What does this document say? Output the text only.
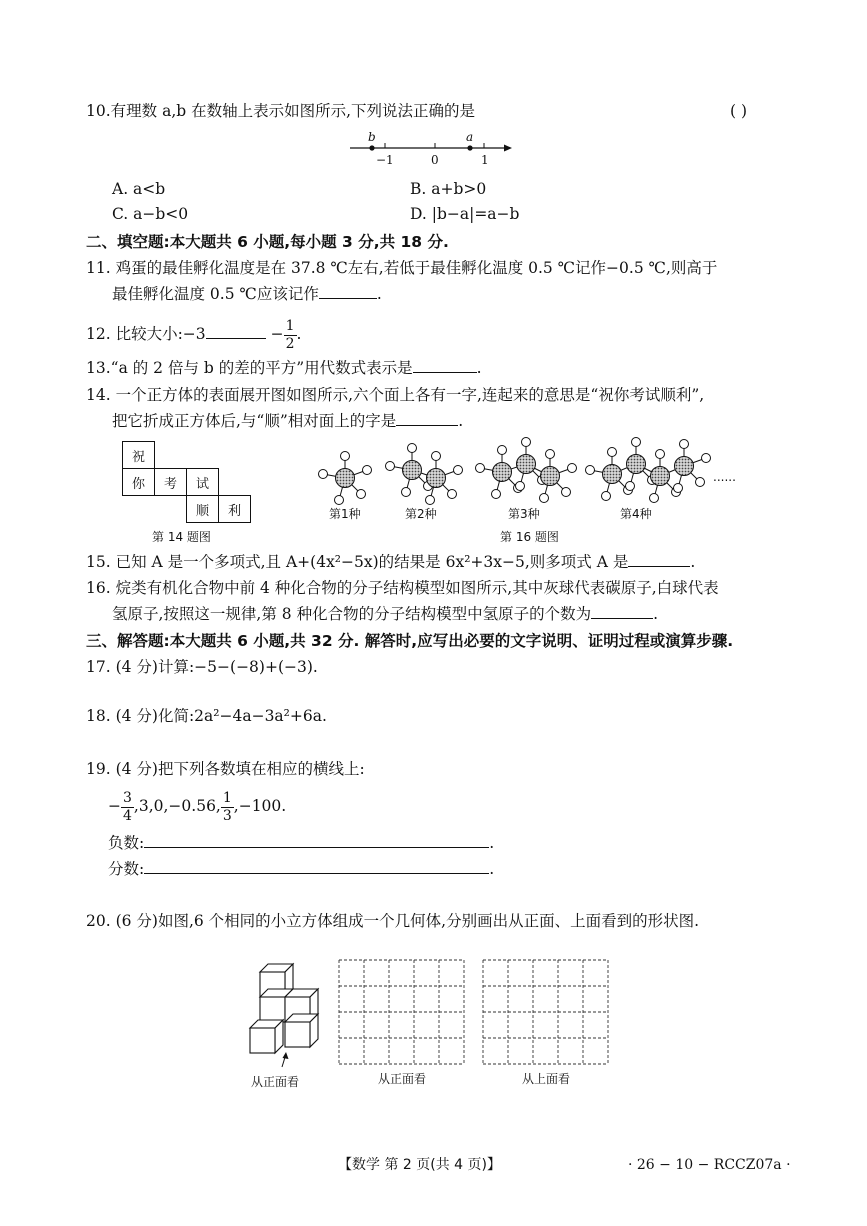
10.有理数 a,b 在数轴上表示如图所示,下列说法正确的是	( )
b	a
−1	0	1
A. a<b	B. a+b>0
C. a−b<0	D. |b−a|=a−b
二、填空题:本大题共 6 小题,每小题 3 分,共 18 分.
11. 鸡蛋的最佳孵化温度是在 37.8 ℃左右,若低于最佳孵化温度 0.5 ℃记作−0.5 ℃,则高于
最佳孵化温度 0.5 ℃应该记作	.
12. 比较大小:−3	− $\frac{1}{2}$ .
13.“a 的 2 倍与 b 的差的平方”用代数式表示是	.
14. 一个正方体的表面展开图如图所示,六个面上各有一字,连起来的意思是“祝你考试顺利”,
把它折成正方体后,与“顺”相对面上的字是	.
祝			
你	考	试	
		顺	利
第 14 题图
第1种	第2种	第3种	第4种
......
第 16 题图
15. 已知 A 是一个多项式,且 A+(4x²−5x)的结果是 6x²+3x−5,则多项式 A 是	.
16. 烷类有机化合物中前 4 种化合物的分子结构模型如图所示,其中灰球代表碳原子,白球代表
氢原子,按照这一规律,第 8 种化合物的分子结构模型中氢原子的个数为	.
三、解答题:本大题共 6 小题,共 32 分. 解答时,应写出必要的文字说明、证明过程或演算步骤.
17. (4 分)计算:−5−(−8)+(−3).
18. (4 分)化简:2a²−4a−3a²+6a.
19. (4 分)把下列各数填在相应的横线上:
− $\frac{3}{4} ,3,0,-0.56$, $\frac{1}{3} ,-100$.
负数:	.
分数:	.
20. (6 分)如图,6 个相同的小立方体组成一个几何体,分别画出从正面、上面看到的形状图.
从正面看	从正面看	从上面看
【数学 第 2 页(共 4 页)】	· 26 − 10 − RCCZ07a ·
